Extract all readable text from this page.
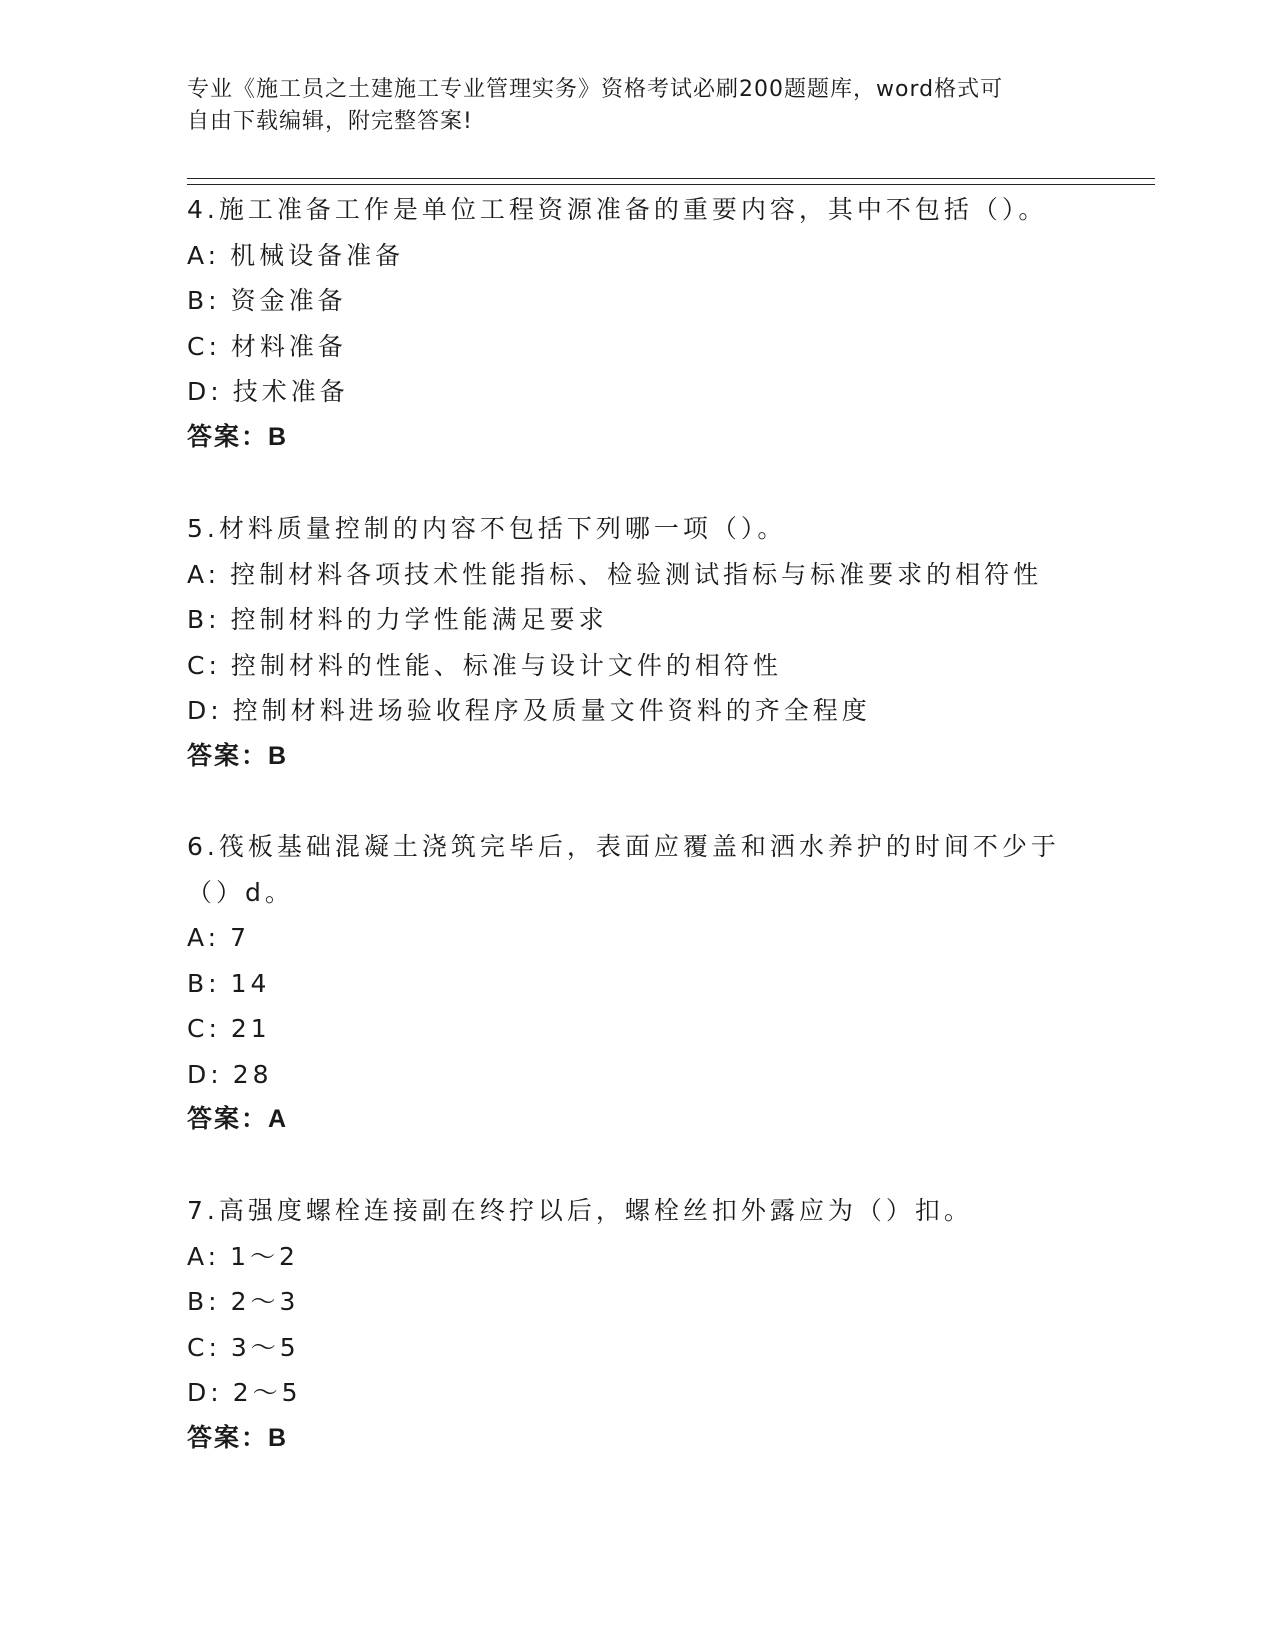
专业《施工员之土建施工专业管理实务》资格考试必刷200题题库，word格式可
自由下载编辑，附完整答案!
4.施工准备工作是单位工程资源准备的重要内容，其中不包括（）。
A: 机械设备准备
B: 资金准备
C: 材料准备
D: 技术准备
答案：B
5.材料质量控制的内容不包括下列哪一项（）。
A: 控制材料各项技术性能指标、检验测试指标与标准要求的相符性
B: 控制材料的力学性能满足要求
C: 控制材料的性能、标准与设计文件的相符性
D: 控制材料进场验收程序及质量文件资料的齐全程度
答案：B
6.筏板基础混凝土浇筑完毕后，表面应覆盖和洒水养护的时间不少于
（）d。
A: 7
B: 14
C: 21
D: 28
答案：A
7.高强度螺栓连接副在终拧以后，螺栓丝扣外露应为（）扣。
A: 1～2
B: 2～3
C: 3～5
D: 2～5
答案：B
